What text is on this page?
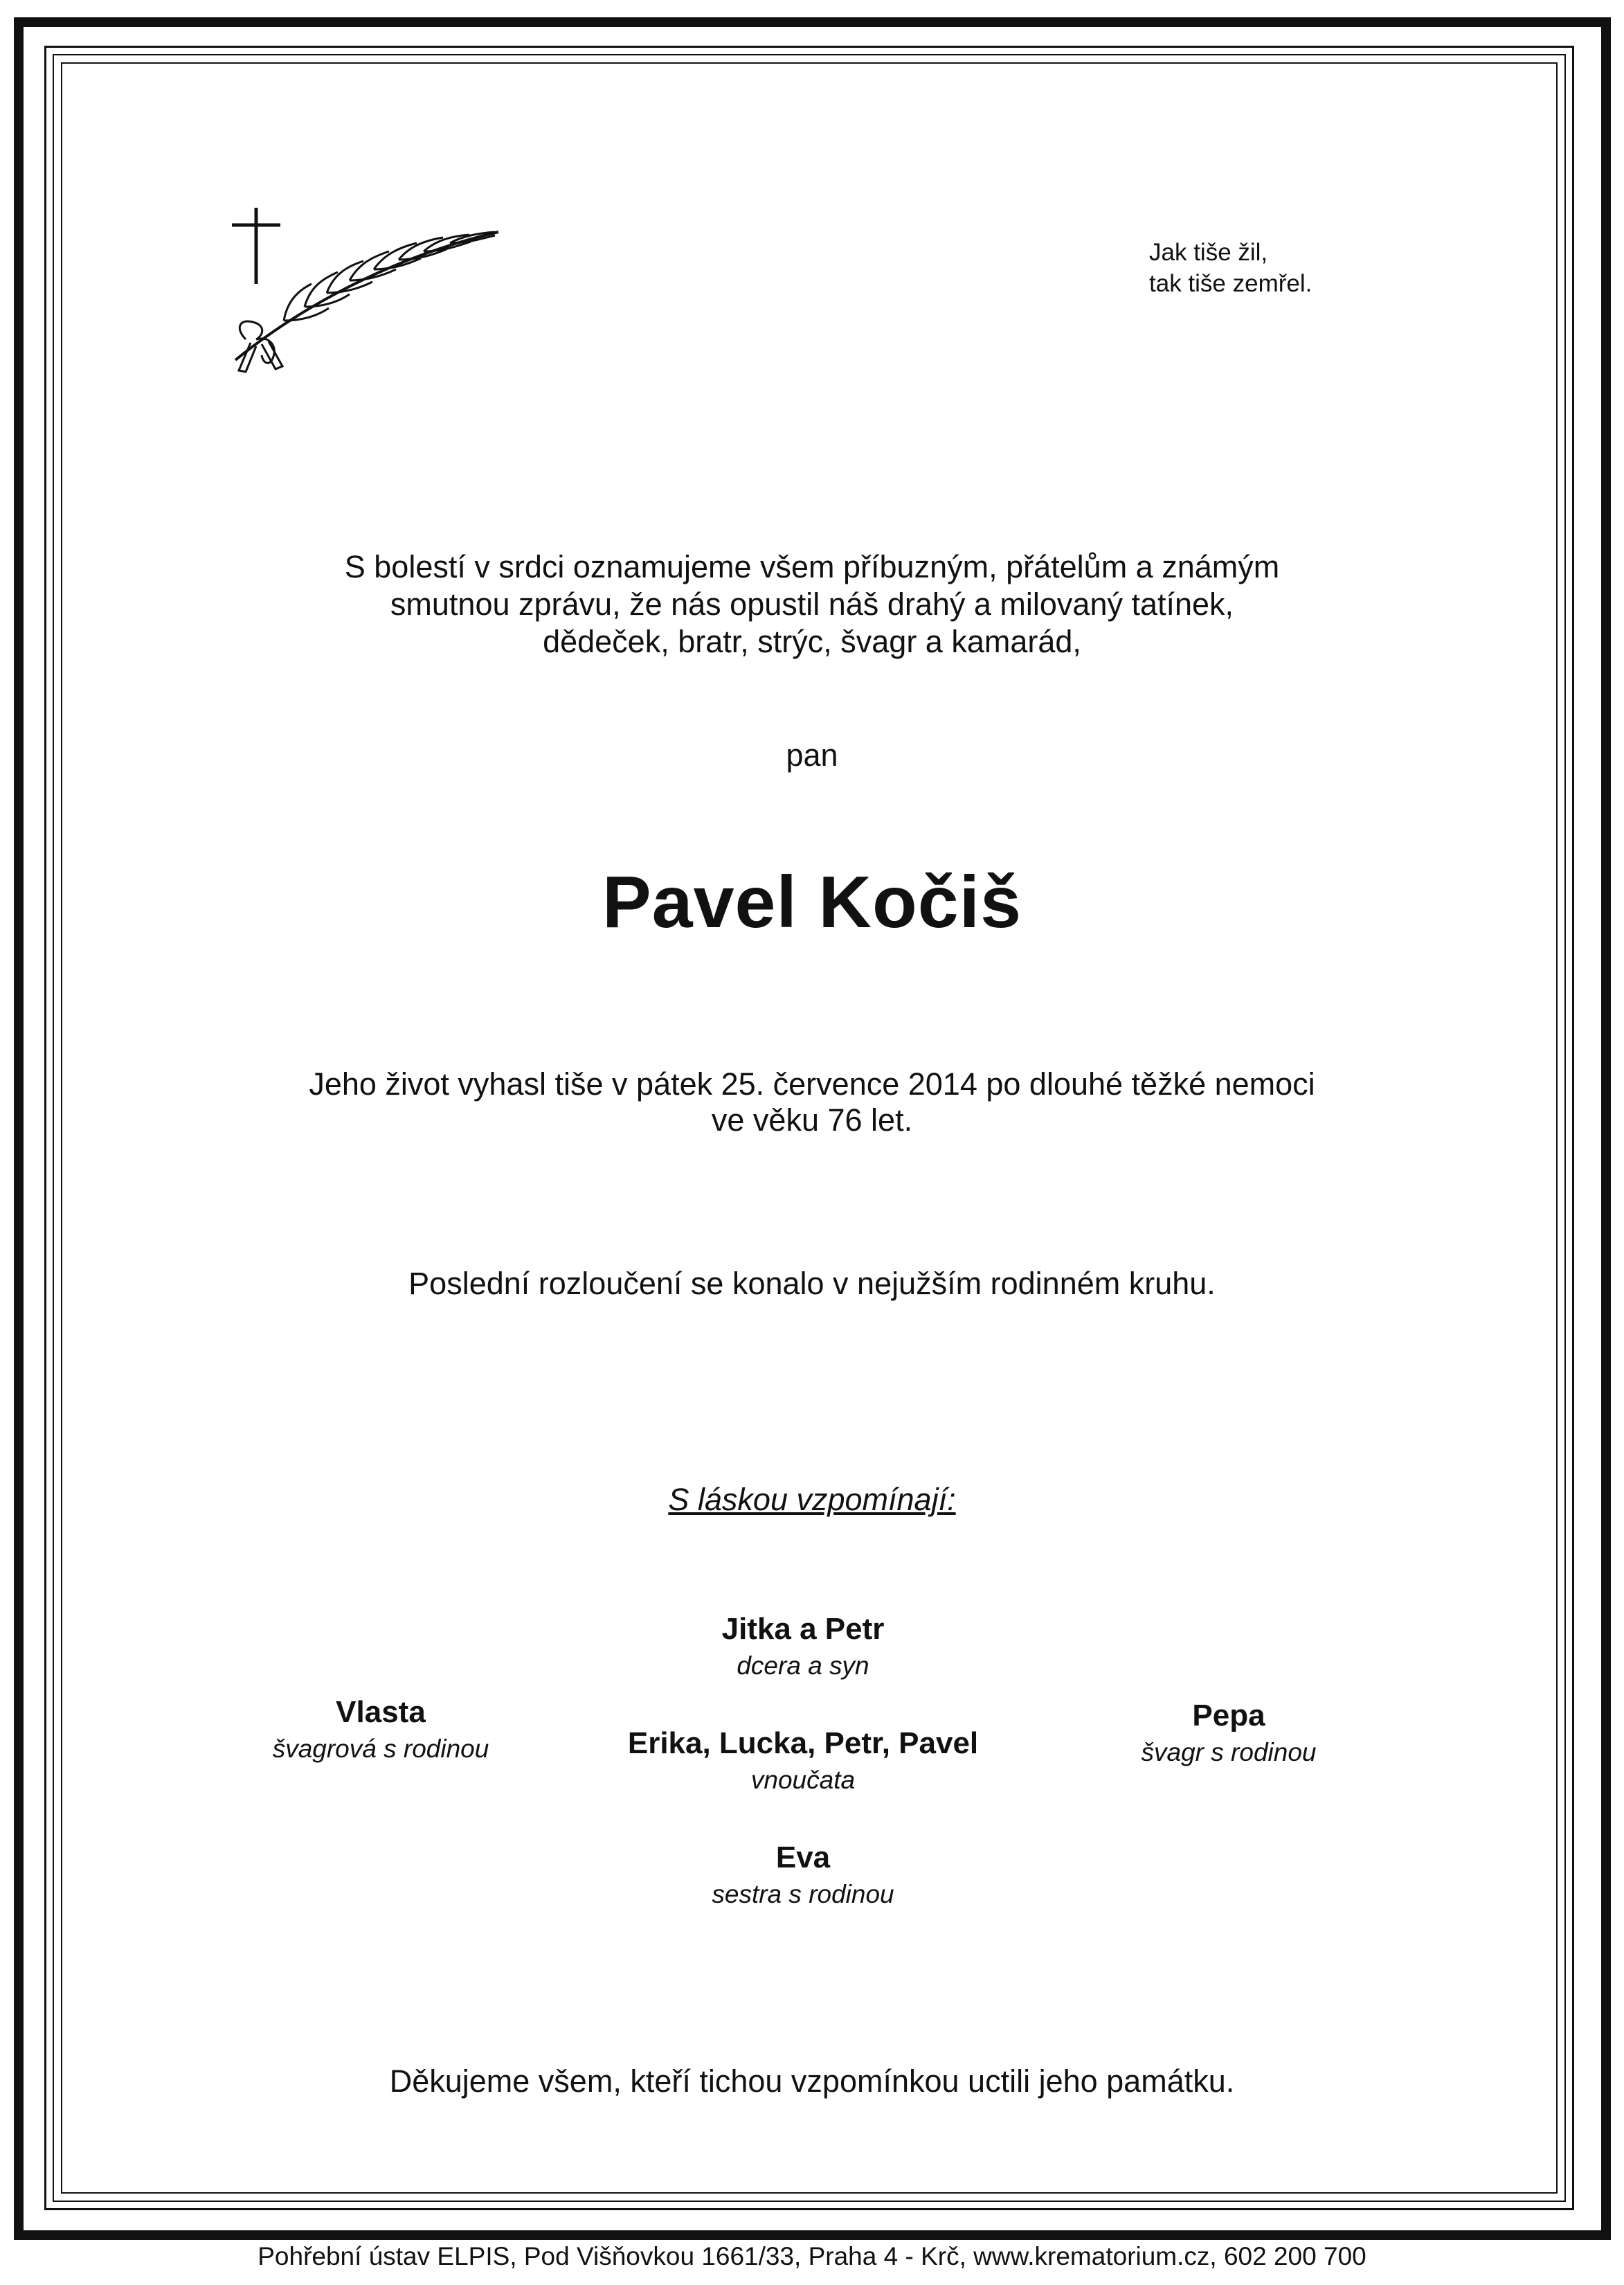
Jak tiše žil,
tak tiše zemřel.
S bolestí v srdci oznamujeme všem příbuzným, přátelům a známým
smutnou zprávu, že nás opustil náš drahý a milovaný tatínek,
dědeček, bratr, strýc, švagr a kamarád,
pan
Pavel Kočiš
Jeho život vyhasl tiše v pátek 25. července 2014 po dlouhé těžké nemoci
ve věku 76 let.
Poslední rozloučení se konalo v nejužším rodinném kruhu.
S láskou vzpomínají:
Jitka a Petr
dcera a syn
Vlasta
švagrová s rodinou	Erika, Lucka, Petr, Pavel
vnoučata
Pepa
švagr s rodinou
Eva
sestra s rodinou
Děkujeme všem, kteří tichou vzpomínkou uctili jeho památku.
Pohřební ústav ELPIS, Pod Višňovkou 1661/33, Praha 4 - Krč, www.krematorium.cz, 602 200 700
